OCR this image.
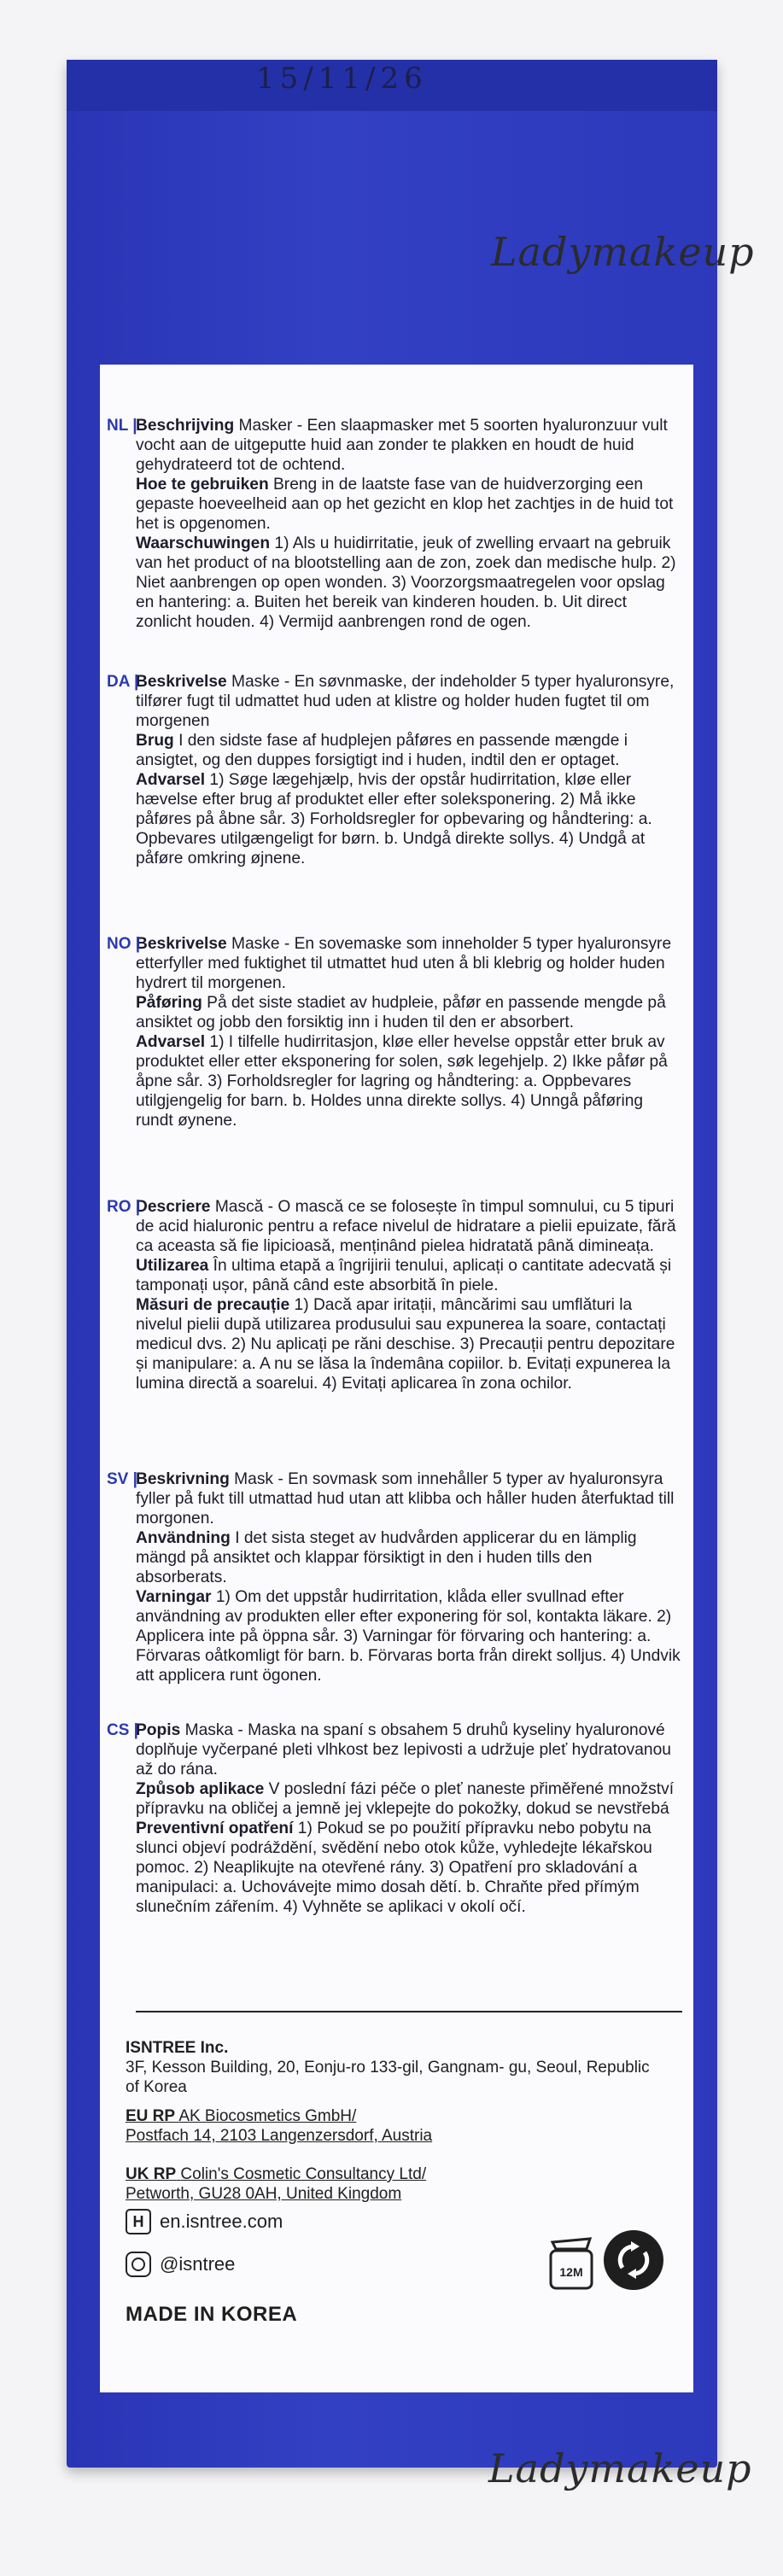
15/11/26
Ladymakeup
NL |

Beschrijving Masker - Een slaapmasker met 5 soorten hyaluronzuur vult vocht aan de uitgeputte huid aan zonder te plakken en houdt de huid gehydrateerd tot de ochtend.

Hoe te gebruiken Breng in de laatste fase van de huidverzorging een gepaste hoeveelheid aan op het gezicht en klop het zachtjes in de huid tot het is opgenomen.

Waarschuwingen 1) Als u huidirritatie, jeuk of zwelling ervaart na gebruik van het product of na blootstelling aan de zon, zoek dan medische hulp. 2) Niet aanbrengen op open wonden. 3) Voorzorgsmaatregelen voor opslag en hantering: a. Buiten het bereik van kinderen houden. b. Uit direct zonlicht houden. 4) Vermijd aanbrengen rond de ogen.

DA |

Beskrivelse Maske - En søvnmaske, der indeholder 5 typer hyaluronsyre, tilfører fugt til udmattet hud uden at klistre og holder huden fugtet til om morgenen

Brug I den sidste fase af hudplejen påføres en passende mængde i ansigtet, og den duppes forsigtigt ind i huden, indtil den er optaget.

Advarsel 1) Søge lægehjælp, hvis der opstår hudirritation, kløe eller hævelse efter brug af produktet eller efter soleksponering. 2) Må ikke påføres på åbne sår. 3) Forholdsregler for opbevaring og håndtering: a. Opbevares utilgængeligt for børn. b. Undgå direkte sollys. 4) Undgå at påføre omkring øjnene.

NO |

Beskrivelse Maske - En sovemaske som inneholder 5 typer hyaluronsyre etterfyller med fuktighet til utmattet hud uten å bli klebrig og holder huden hydrert til morgenen.

Påføring På det siste stadiet av hudpleie, påfør en passende mengde på ansiktet og jobb den forsiktig inn i huden til den er absorbert.

Advarsel 1) I tilfelle hudirritasjon, kløe eller hevelse oppstår etter bruk av produktet eller etter eksponering for solen, søk legehjelp. 2) Ikke påfør på åpne sår. 3) Forholdsregler for lagring og håndtering: a. Oppbevares utilgjengelig for barn. b. Holdes unna direkte sollys. 4) Unngå påføring rundt øynene.

RO |

Descriere Mască - O mască ce se folosește în timpul somnului, cu 5 tipuri de acid hialuronic pentru a reface nivelul de hidratare a pielii epuizate, fără ca aceasta să fie lipicioasă, menținând pielea hidratată până dimineața.

Utilizarea În ultima etapă a îngrijirii tenului, aplicați o cantitate adecvată și tamponați ușor, până când este absorbită în piele.

Măsuri de precauție 1) Dacă apar iritații, mâncărimi sau umflături la nivelul pielii după utilizarea produsului sau expunerea la soare, contactați medicul dvs. 2) Nu aplicați pe răni deschise. 3) Precauții pentru depozitare și manipulare: a. A nu se lăsa la îndemâna copiilor. b. Evitați expunerea la lumina directă a soarelui. 4) Evitați aplicarea în zona ochilor.

SV |

Beskrivning Mask - En sovmask som innehåller 5 typer av hyaluronsyra fyller på fukt till utmattad hud utan att klibba och håller huden återfuktad till morgonen.

Användning I det sista steget av hudvården applicerar du en lämplig mängd på ansiktet och klappar försiktigt in den i huden tills den absorberats.

Varningar 1) Om det uppstår hudirritation, klåda eller svullnad efter användning av produkten eller efter exponering för sol, kontakta läkare. 2) Applicera inte på öppna sår. 3) Varningar för förvaring och hantering: a. Förvaras oåtkomligt för barn. b. Förvaras borta från direkt solljus. 4) Undvik att applicera runt ögonen.

CS |

Popis Maska - Maska na spaní s obsahem 5 druhů kyseliny hyaluronové doplňuje vyčerpané pleti vlhkost bez lepivosti a udržuje pleť hydratovanou až do rána.

Způsob aplikace V poslední fázi péče o pleť naneste přiměřené množství přípravku na obličej a jemně jej vklepejte do pokožky, dokud se nevstřebá

Preventivní opatření 1) Pokud se po použití přípravku nebo pobytu na slunci objeví podráždění, svědění nebo otok kůže, vyhledejte lékařskou pomoc. 2) Neaplikujte na otevřené rány. 3) Opatření pro skladování a manipulaci: a. Uchovávejte mimo dosah dětí. b. Chraňte před přímým slunečním zářením. 4) Vyhněte se aplikaci v okolí očí.

ISNTREE Inc.
3F, Kesson Building, 20, Eonju-ro 133-gil, Gangnam- gu, Seoul, Republic of Korea
EU RP AK Biocosmetics GmbH/
Postfach 14, 2103 Langenzersdorf, Austria
UK RP Colin's Cosmetic Consultancy Ltd/
Petworth, GU28 0AH, United Kingdom
H en.isntree.com
@isntree
MADE IN KOREA
12M
Ladymakeup
